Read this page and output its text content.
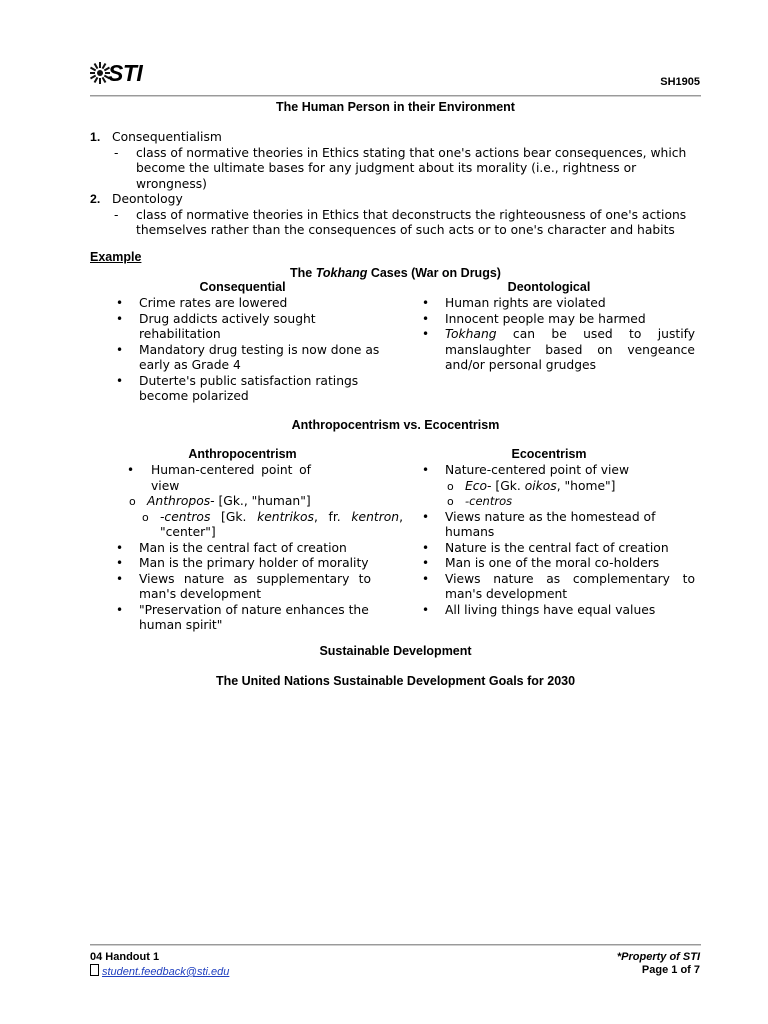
STI	SH1905
The Human Person in their Environment
1. Consequentialism
- class of normative theories in Ethics stating that one's actions bear consequences, which become the ultimate bases for any judgment about its morality (i.e., rightness or wrongness)
2. Deontology
- class of normative theories in Ethics that deconstructs the righteousness of one's actions themselves rather than the consequences of such acts or to one's character and habits
Example
The Tokhang Cases (War on Drugs)
Consequential	Deontological
• Crime rates are lowered
• Drug addicts actively sought rehabilitation
• Mandatory drug testing is now done as early as Grade 4
• Duterte's public satisfaction ratings become polarized
• Human rights are violated
• Innocent people may be harmed
• Tokhang can be used to justify manslaughter based on vengeance and/or personal grudges
Anthropocentrism vs. Ecocentrism
Anthropocentrism	Ecocentrism
• Human-centered point of view
o Anthropos- [Gk., "human"]
o -centros [Gk. kentrikos, fr. kentron, "center"]
• Man is the central fact of creation
• Man is the primary holder of morality
• Views nature as supplementary to man's development
• "Preservation of nature enhances the human spirit"
• Nature-centered point of view
o Eco- [Gk. oikos, "home"]
o -centros
• Views nature as the homestead of humans
• Nature is the central fact of creation
• Man is one of the moral co-holders
• Views nature as complementary to man's development
• All living things have equal values
Sustainable Development
The United Nations Sustainable Development Goals for 2030
04 Handout 1	*Property of STI
student.feedback@sti.edu	Page 1 of 7
